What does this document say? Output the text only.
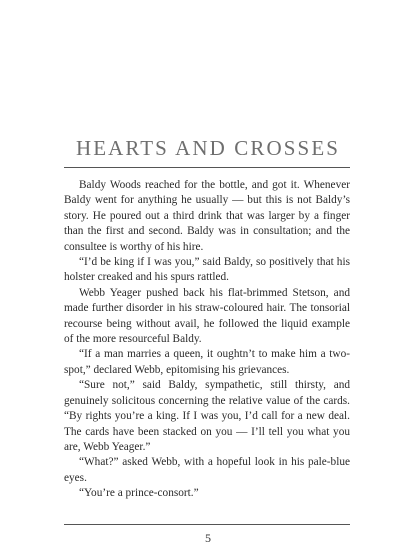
HEARTS AND CROSSES

Baldy Woods reached for the bottle, and got it. Whenever Baldy went for anything he usually — but this is not Baldy’s story. He poured out a third drink that was larger by a finger than the first and second. Baldy was in consultation; and the consultee is worthy of his hire.

“I’d be king if I was you,” said Baldy, so positively that his holster creaked and his spurs rattled.

Webb Yeager pushed back his flat-brimmed Stetson, and made further disorder in his straw-coloured hair. The tonsorial recourse being without avail, he followed the liquid example of the more resourceful Baldy.

“If a man marries a queen, it oughtn’t to make him a two-spot,” declared Webb, epitomising his grievances.

“Sure not,” said Baldy, sympathetic, still thirsty, and genuinely solicitous concerning the relative value of the cards. “By rights you’re a king. If I was you, I’d call for a new deal. The cards have been stacked on you — I’ll tell you what you are, Webb Yeager.”

“What?” asked Webb, with a hopeful look in his pale-blue eyes.

“You’re a prince-consort.”

5
